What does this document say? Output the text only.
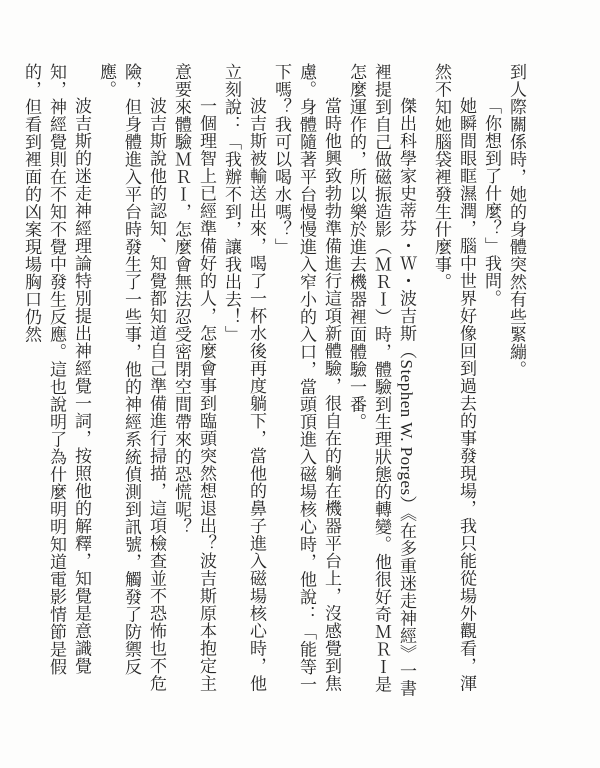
到人際關係時，她的身體突然有些緊繃。

「你想到了什麼？」我問。

她瞬間眼眶濕潤，腦中世界好像回到過去的事發現場，我只能從場外觀看，渾然不知她腦袋裡發生什麼事。

傑出科學家史蒂芬・Ｗ・波吉斯（Stephen W. Porges）《在多重迷走神經》一書裡提到自己做磁振造影（ＭＲＩ）時，體驗到生理狀態的轉變。他很好奇ＭＲＩ是怎麼運作的，所以樂於進去機器裡面體驗一番。

當時他興致勃勃準備進行這項新體驗，很自在的躺在機器平台上，沒感覺到焦慮。身體隨著平台慢慢進入窄小的入口，當頭頂進入磁場核心時，他說：「能等一下嗎？我可以喝水嗎？」

波吉斯被輸送出來，喝了一杯水後再度躺下，當他的鼻子進入磁場核心時，他立刻說：「我辦不到，讓我出去！」

一個理智上已經準備好的人，怎麼會事到臨頭突然想退出？波吉斯原本抱定主意要來體驗ＭＲＩ，怎麼會無法忍受密閉空間帶來的恐慌呢？

波吉斯說他的認知、知覺都知道自己準備進行掃描，這項檢查並不恐怖也不危險，但身體進入平台時發生了一些事，他的神經系統偵測到訊號，觸發了防禦反應。

波吉斯的迷走神經理論特別提出神經覺一詞，按照他的解釋，知覺是意識覺知，神經覺則在不知不覺中發生反應。這也說明了為什麼明明知道電影情節是假的，但看到裡面的凶案現場胸口仍然
